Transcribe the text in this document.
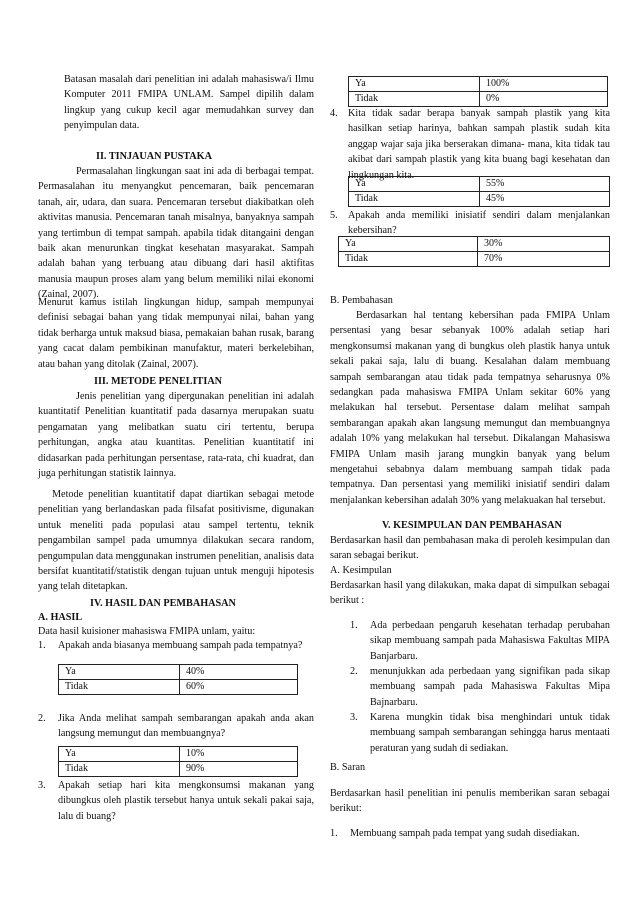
Batasan masalah dari penelitian ini adalah mahasiswa/i Ilmu Komputer 2011 FMIPA UNLAM. Sampel dipilih dalam lingkup yang cukup kecil agar memudahkan survey dan penyimpulan data.

II. TINJAUAN PUSTAKA

Permasalahan lingkungan saat ini ada di berbagai tempat. Permasalahan itu menyangkut pencemaran, baik pencemaran tanah, air, udara, dan suara. Pencemaran tersebut diakibatkan oleh aktivitas manusia. Pencemaran tanah misalnya, banyaknya sampah yang tertimbun di tempat sampah. apabila tidak ditangaini dengan baik akan menurunkan tingkat kesehatan masyarakat. Sampah adalah bahan yang terbuang atau dibuang dari hasil aktifitas manusia maupun proses alam yang belum memiliki nilai ekonomi (Zainal, 2007).

Menurut kamus istilah lingkungan hidup, sampah mempunyai definisi sebagai bahan yang tidak mempunyai nilai, bahan yang tidak berharga untuk maksud biasa, pemakaian bahan rusak, barang yang cacat dalam pembikinan manufaktur, materi berkelebihan, atau bahan yang ditolak (Zainal, 2007).

III. METODE PENELITIAN

Jenis penelitian yang dipergunakan penelitian ini adalah kuantitatif Penelitian kuantitatif pada dasarnya merupakan suatu pengamatan yang melibatkan suatu ciri tertentu, berupa perhitungan, angka atau kuantitas. Penelitian kuantitatif ini didasarkan pada perhitungan persentase, rata-rata, chi kuadrat, dan juga perhitungan statistik lainnya.

Metode penelitian kuantitatif dapat diartikan sebagai metode penelitian yang berlandaskan pada filsafat positivisme, digunakan untuk meneliti pada populasi atau sampel tertentu, teknik pengambilan sampel pada umumnya dilakukan secara random, pengumpulan data menggunakan instrumen penelitian, analisis data bersifat kuantitatif/statistik dengan tujuan untuk menguji hipotesis yang telah ditetapkan.

IV. HASIL DAN PEMBAHASAN
A. HASIL
Data hasil kuisioner mahasiswa FMIPA unlam, yaitu:
1. Apakah anda biasanya membuang sampah pada tempatnya?
Ya	40%
Tidak	60%
2. Jika Anda melihat sampah sembarangan apakah anda akan langsung memungut dan membuangnya?

Ya	10%
Tidak	90%
3. Apakah setiap hari kita mengkonsumsi makanan yang dibungkus oleh plastik tersebut hanya untuk sekali pakai saja, lalu di buang?

Ya	100%
Tidak	0%
4. Kita tidak sadar berapa banyak sampah plastik yang kita hasilkan setiap harinya, bahkan sampah plastik sudah kita anggap wajar saja jika berserakan dimana- mana, kita tidak tau akibat dari sampah plastik yang kita buang bagi kesehatan dan lingkungan kita.

Ya	55%
Tidak	45%
5. Apakah anda memiliki inisiatif sendiri dalam menjalankan kebersihan?

Ya	30%
Tidak	70%
B. Pembahasan

Berdasarkan hal tentang kebersihan pada FMIPA Unlam persentasi yang besar sebanyak 100% adalah setiap hari mengkonsumsi makanan yang di bungkus oleh plastik hanya untuk sekali pakai saja, lalu di buang. Kesalahan dalam membuang sampah sembarangan atau tidak pada tempatnya seharusnya 0% sedangkan pada mahasiswa FMIPA Unlam sekitar 60% yang melakukan hal tersebut. Persentase dalam melihat sampah sembarangan apakah akan langsung memungut dan membuangnya adalah 10% yang melakukan hal tersebut. Dikalangan Mahasiswa FMIPA Unlam masih jarang mungkin banyak yang belum mengetahui sebabnya dalam membuang sampah tidak pada tempatnya. Dan persentasi yang memiliki inisiatif sendiri dalam menjalankan kebersihan adalah 30% yang melakuakan hal tersebut.

V. KESIMPULAN DAN PEMBAHASAN

Berdasarkan hasil dan pembahasan maka di peroleh kesimpulan dan saran sebagai berikut.

A. Kesimpulan

Berdasarkan hasil yang dilakukan, maka dapat di simpulkan sebagai berikut :

1. Ada perbedaan pengaruh kesehatan terhadap perubahan sikap membuang sampah pada Mahasiswa Fakultas MIPA Banjarbaru.

2. menunjukkan ada perbedaan yang signifikan pada sikap membuang sampah pada Mahasiswa Fakultas Mipa Bajnarbaru.

3. Karena mungkin tidak bisa menghindari untuk tidak membuang sampah sembarangan sehingga harus mentaati peraturan yang sudah di sediakan.

B. Saran

Berdasarkan hasil penelitian ini penulis memberikan saran sebagai berikut:

1. Membuang sampah pada tempat yang sudah disediakan.
